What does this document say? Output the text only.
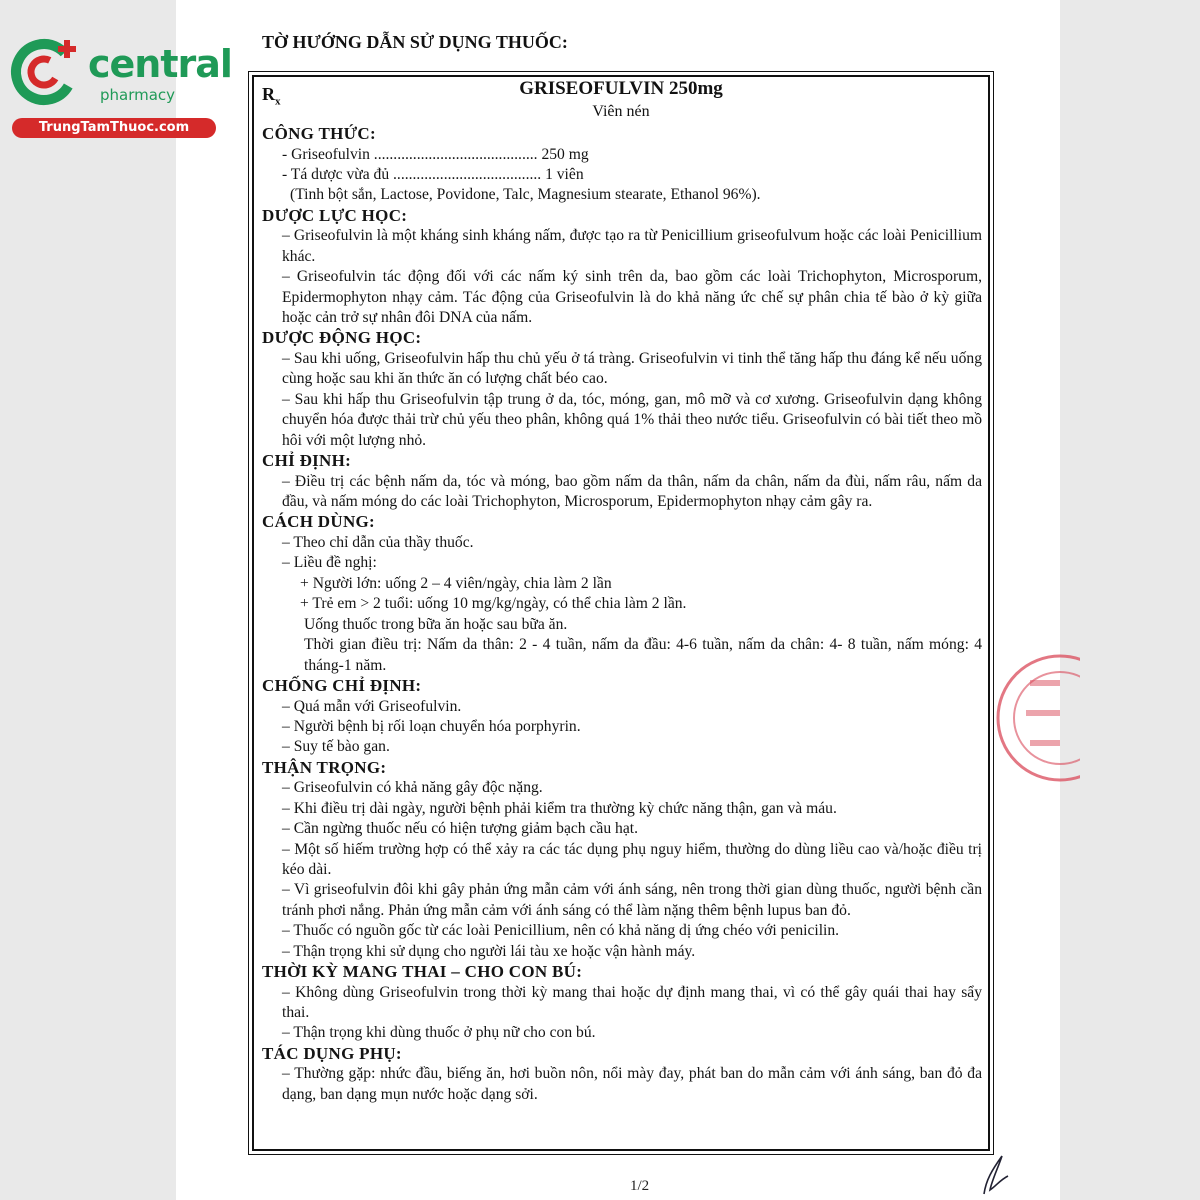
central
pharmacy
TrungTamThuoc.com
TỜ HƯỚNG DẪN SỬ DỤNG THUỐC:
$R_x$
GRISEOFULVIN 250mg
Viên nén
CÔNG THỨC:

- Griseofulvin .......................................... 250 mg

- Tá dược vừa đủ ...................................... 1 viên

(Tinh bột sắn, Lactose, Povidone, Talc, Magnesium stearate, Ethanol 96%).

DƯỢC LỰC HỌC:

– Griseofulvin là một kháng sinh kháng nấm, được tạo ra từ Penicillium griseofulvum hoặc các loài Penicillium khác.

– Griseofulvin tác động đối với các nấm ký sinh trên da, bao gồm các loài Trichophyton, Microsporum, Epidermophyton nhạy cảm. Tác động của Griseofulvin là do khả năng ức chế sự phân chia tế bào ở kỳ giữa hoặc cản trở sự nhân đôi DNA của nấm.

DƯỢC ĐỘNG HỌC:

– Sau khi uống, Griseofulvin hấp thu chủ yếu ở tá tràng. Griseofulvin vi tinh thể tăng hấp thu đáng kể nếu uống cùng hoặc sau khi ăn thức ăn có lượng chất béo cao.

– Sau khi hấp thu Griseofulvin tập trung ở da, tóc, móng, gan, mô mỡ và cơ xương. Griseofulvin dạng không chuyển hóa được thải trừ chủ yếu theo phân, không quá 1% thải theo nước tiểu. Griseofulvin có bài tiết theo mồ hôi với một lượng nhỏ.

CHỈ ĐỊNH:

– Điều trị các bệnh nấm da, tóc và móng, bao gồm nấm da thân, nấm da chân, nấm da đùi, nấm râu, nấm da đầu, và nấm móng do các loài Trichophyton, Microsporum, Epidermophyton nhạy cảm gây ra.

CÁCH DÙNG:

– Theo chỉ dẫn của thầy thuốc.

– Liều đề nghị:

+ Người lớn: uống 2 – 4 viên/ngày, chia làm 2 lần

+ Trẻ em > 2 tuổi: uống 10 mg/kg/ngày, có thể chia làm 2 lần.

Uống thuốc trong bữa ăn hoặc sau bữa ăn.

Thời gian điều trị: Nấm da thân: 2 - 4 tuần, nấm da đầu: 4-6 tuần, nấm da chân: 4- 8 tuần, nấm móng: 4 tháng-1 năm.

CHỐNG CHỈ ĐỊNH:

– Quá mẫn với Griseofulvin.

– Người bệnh bị rối loạn chuyển hóa porphyrin.

– Suy tế bào gan.

THẬN TRỌNG:

– Griseofulvin có khả năng gây độc nặng.

– Khi điều trị dài ngày, người bệnh phải kiểm tra thường kỳ chức năng thận, gan và máu.

– Cần ngừng thuốc nếu có hiện tượng giảm bạch cầu hạt.

– Một số hiếm trường hợp có thể xảy ra các tác dụng phụ nguy hiểm, thường do dùng liều cao và/hoặc điều trị kéo dài.

– Vì griseofulvin đôi khi gây phản ứng mẫn cảm với ánh sáng, nên trong thời gian dùng thuốc, người bệnh cần tránh phơi nắng. Phản ứng mẫn cảm với ánh sáng có thể làm nặng thêm bệnh lupus ban đỏ.

– Thuốc có nguồn gốc từ các loài Penicillium, nên có khả năng dị ứng chéo với penicilin.

– Thận trọng khi sử dụng cho người lái tàu xe hoặc vận hành máy.

THỜI KỲ MANG THAI – CHO CON BÚ:

– Không dùng Griseofulvin trong thời kỳ mang thai hoặc dự định mang thai, vì có thể gây quái thai hay sẩy thai.

– Thận trọng khi dùng thuốc ở phụ nữ cho con bú.

TÁC DỤNG PHỤ:

– Thường gặp: nhức đầu, biếng ăn, hơi buồn nôn, nổi mày đay, phát ban do mẫn cảm với ánh sáng, ban đỏ đa dạng, ban dạng mụn nước hoặc dạng sởi.

1/2
